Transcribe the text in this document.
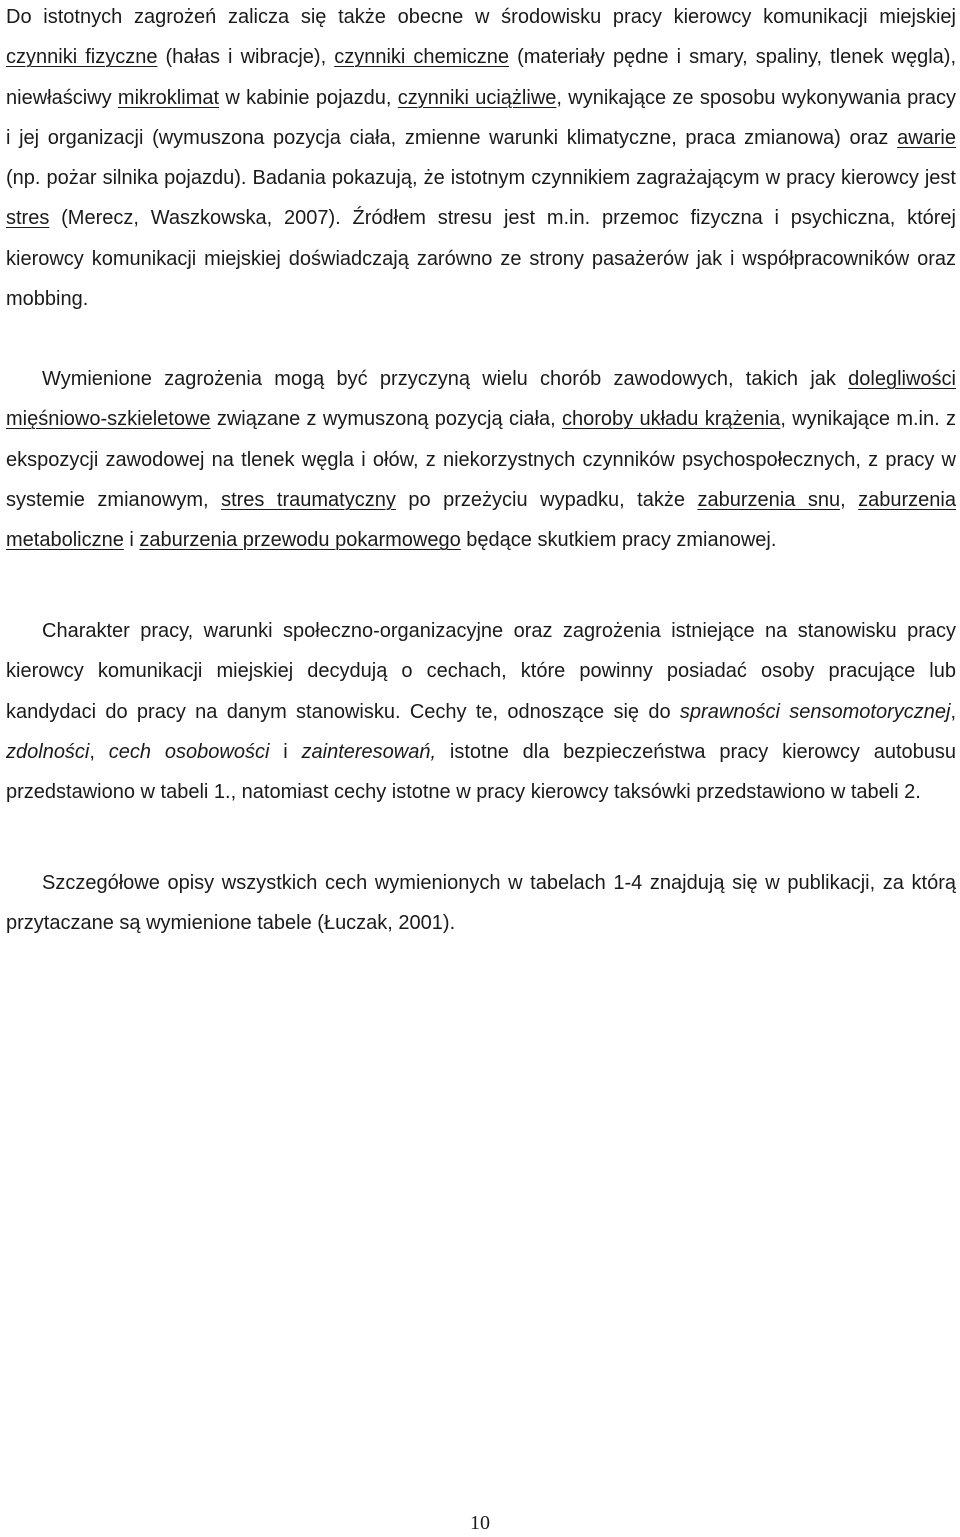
Do istotnych zagrożeń zalicza się także obecne w środowisku pracy kierowcy komunikacji miejskiej czynniki fizyczne (hałas i wibracje), czynniki chemiczne (materiały pędne i smary, spaliny, tlenek węgla), niewłaściwy mikroklimat w kabinie pojazdu, czynniki uciążliwe, wynikające ze sposobu wykonywania pracy i jej organizacji (wymuszona pozycja ciała, zmienne warunki klimatyczne, praca zmianowa) oraz awarie (np. pożar silnika pojazdu). Badania pokazują, że istotnym czynnikiem zagrażającym w pracy kierowcy jest stres (Merecz, Waszkowska, 2007). Źródłem stresu jest m.in. przemoc fizyczna i psychiczna, której kierowcy komunikacji miejskiej doświadczają zarówno ze strony pasażerów jak i współpracowników oraz mobbing.

Wymienione zagrożenia mogą być przyczyną wielu chorób zawodowych, takich jak dolegliwości mięśniowo-szkieletowe związane z wymuszoną pozycją ciała, choroby układu krążenia, wynikające m.in. z ekspozycji zawodowej na tlenek węgla i ołów, z niekorzystnych czynników psychospołecznych, z pracy w systemie zmianowym, stres traumatyczny po przeżyciu wypadku, także zaburzenia snu, zaburzenia metaboliczne i zaburzenia przewodu pokarmowego będące skutkiem pracy zmianowej.

Charakter pracy, warunki społeczno-organizacyjne oraz zagrożenia istniejące na stanowisku pracy kierowcy komunikacji miejskiej decydują o cechach, które powinny posiadać osoby pracujące lub kandydaci do pracy na danym stanowisku. Cechy te, odnoszące się do sprawności sensomotorycznej, zdolności, cech osobowości i zainteresowań, istotne dla bezpieczeństwa pracy kierowcy autobusu przedstawiono w tabeli 1., natomiast cechy istotne w pracy kierowcy taksówki przedstawiono w tabeli 2.

Szczegółowe opisy wszystkich cech wymienionych w tabelach 1-4 znajdują się w publikacji, za którą przytaczane są wymienione tabele (Łuczak, 2001).

10
